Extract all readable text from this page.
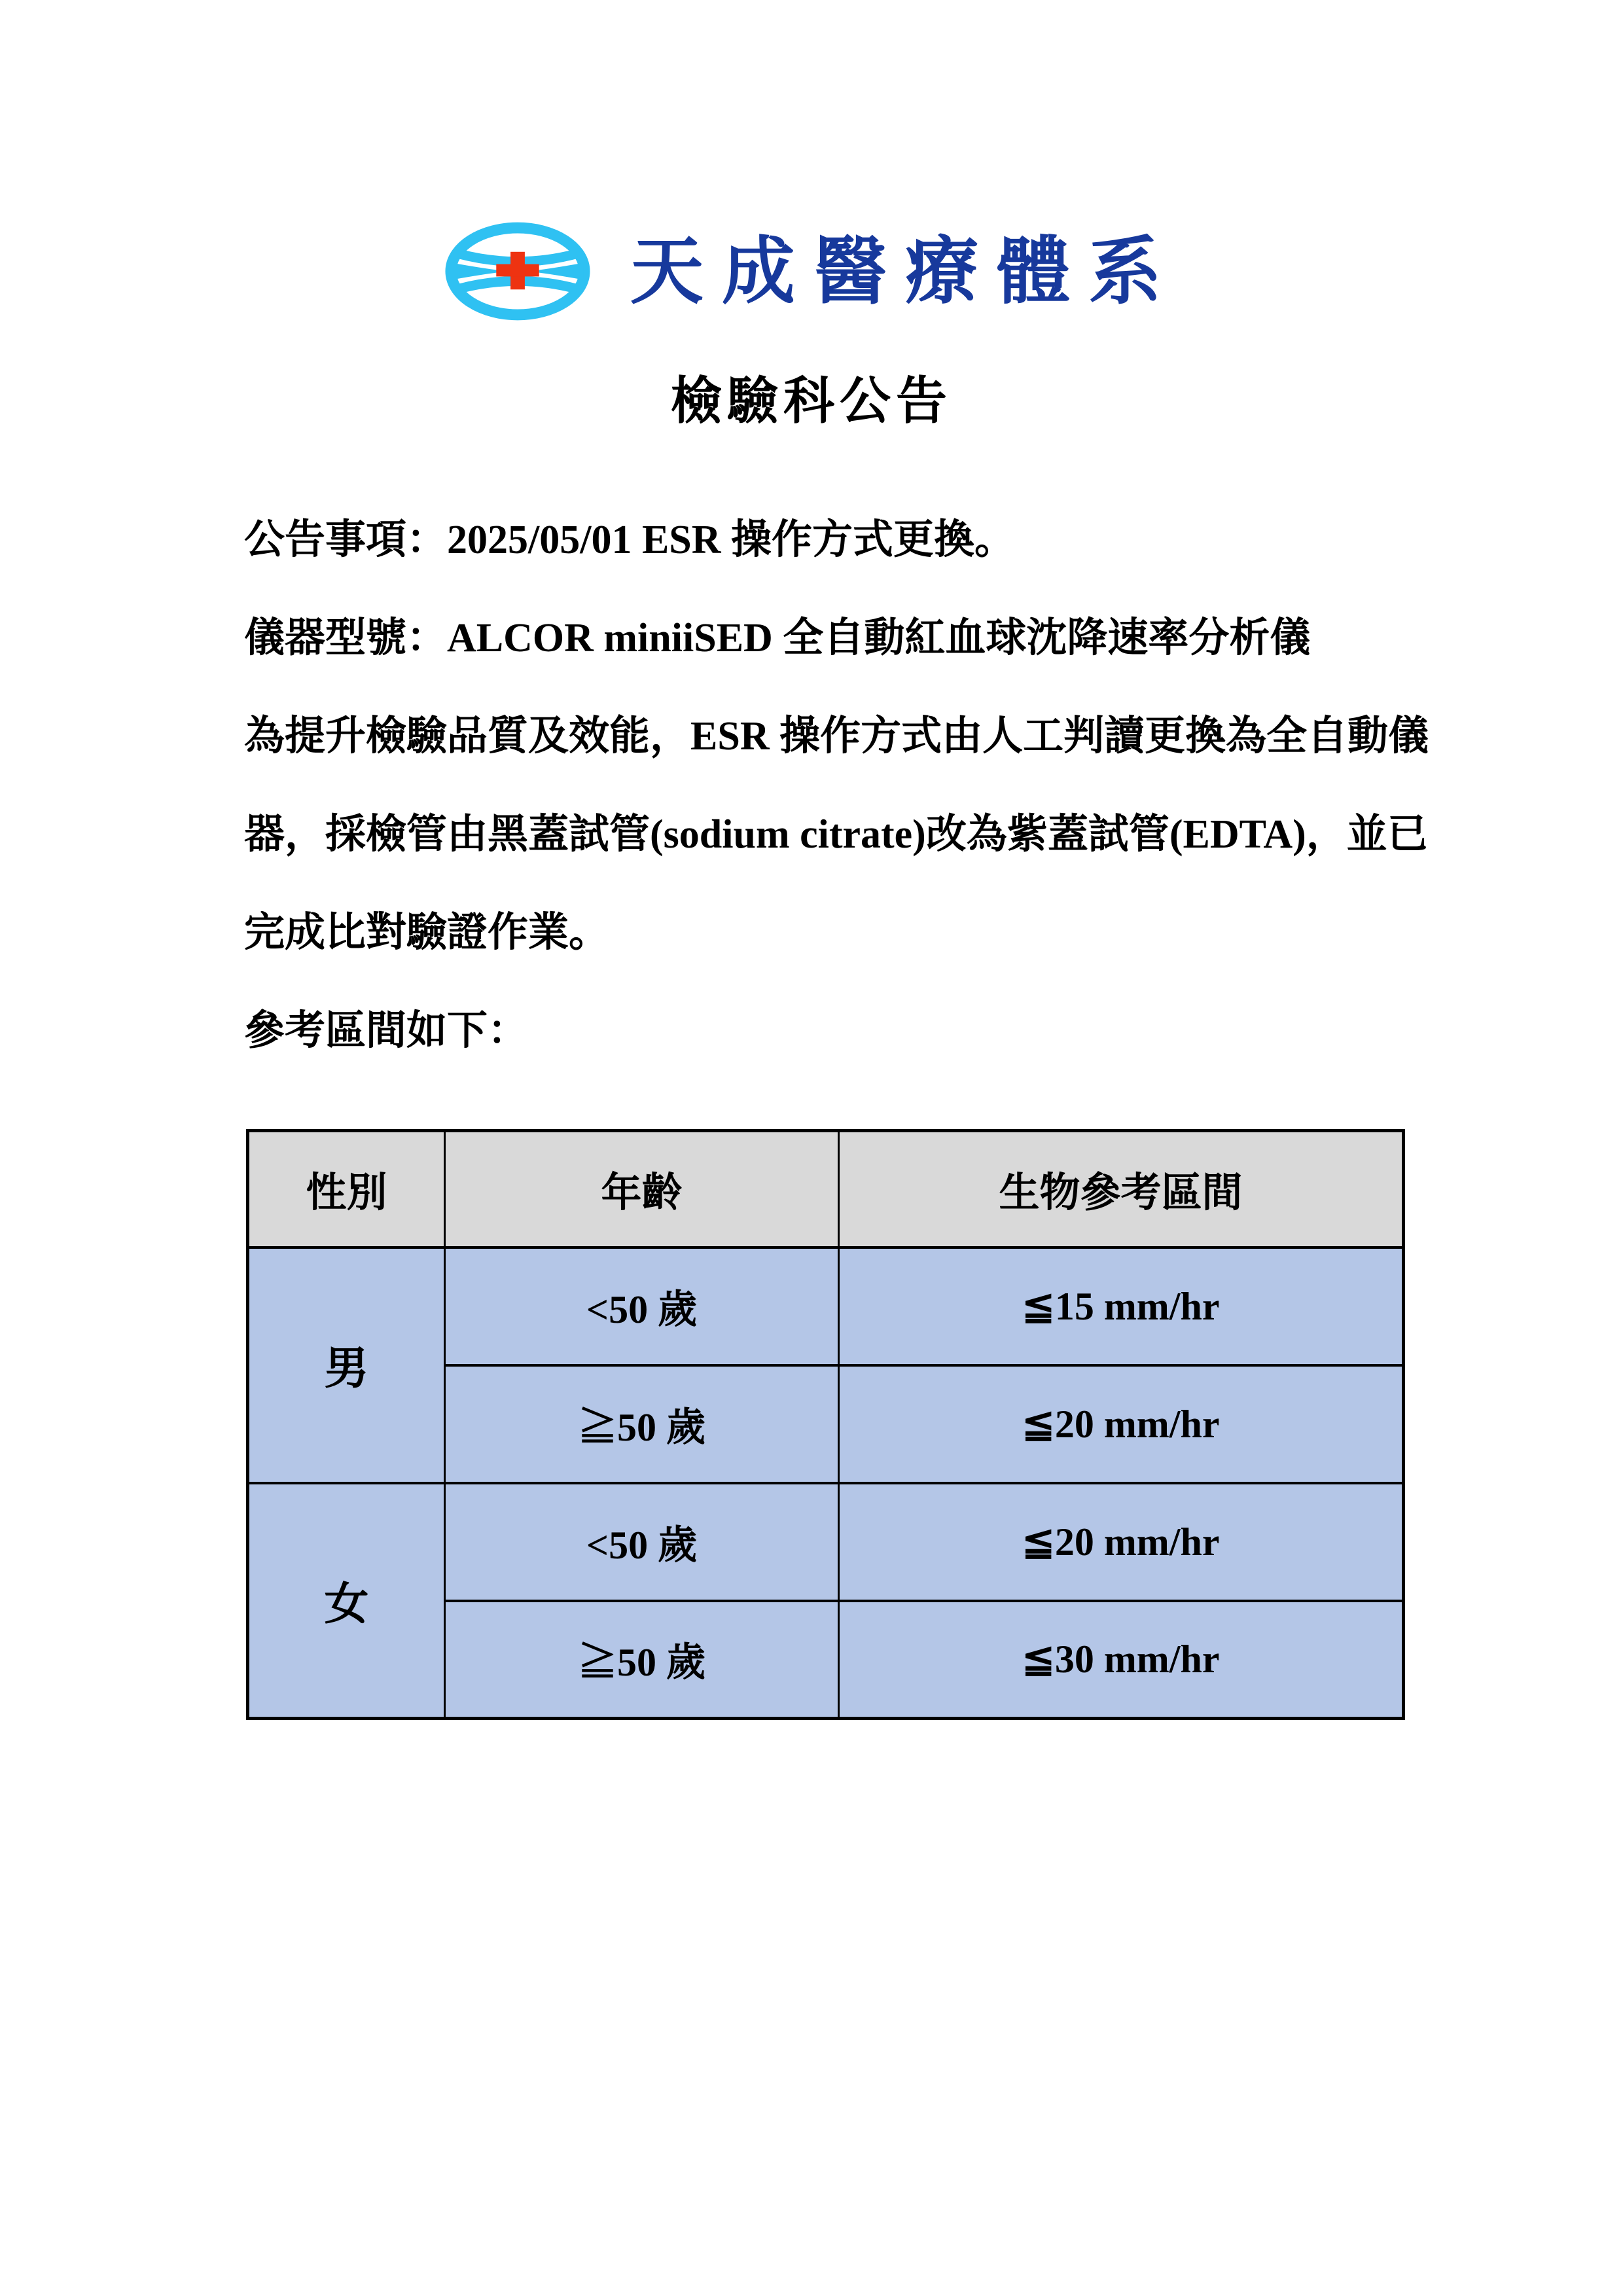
天成醫療體系
檢驗科公告
公告事項：2025/05/01 ESR 操作方式更換。
儀器型號：ALCOR miniiSED 全自動紅血球沈降速率分析儀
為提升檢驗品質及效能，ESR 操作方式由人工判讀更換為全自動儀
器，採檢管由黑蓋試管(sodium citrate)改為紫蓋試管(EDTA)，並已
完成比對驗證作業。
參考區間如下：
性別	年齡	生物參考區間
男	<50 歲	≦15 mm/hr
	≧50 歲	≦20 mm/hr
女	<50 歲	≦20 mm/hr
	≧50 歲	≦30 mm/hr
